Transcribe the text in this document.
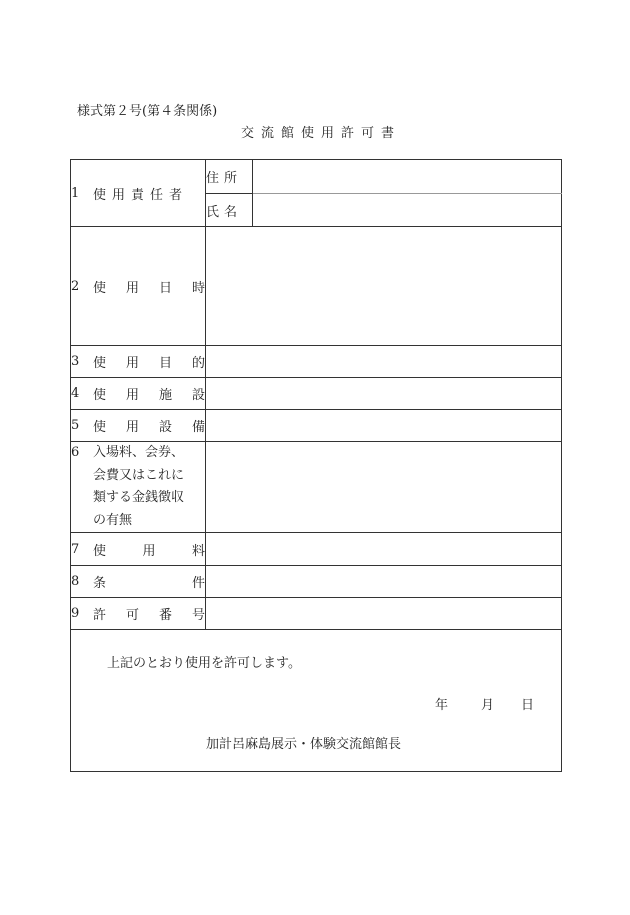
様式第２号(第４条関係)
交流館使用許可書
1 使用責任者	住所	
	氏名	

2 使 用 日 時		

3 使 用 目 的		

4 使 用 施 設		

5 使 用 設 備		

6 入場料、会券、
会費又はこれに
類する金銭徴収
の有無		

7 使 用 料		

8 条 件		

9 許 可 番 号		

上記のとおり使用を許可します。
年 月 日
加計呂麻島展示・体験交流館館長		
